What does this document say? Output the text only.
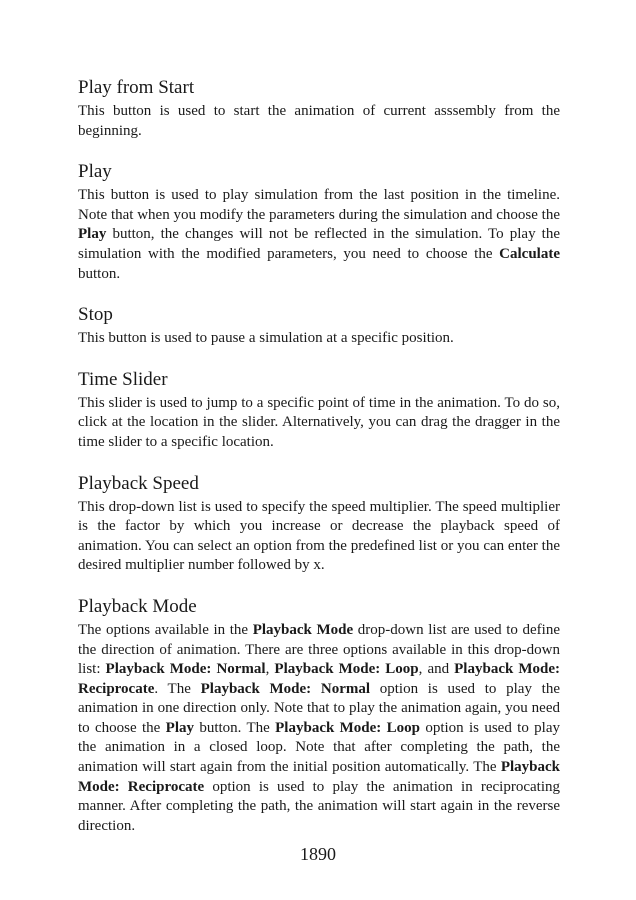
Play from Start

This button is used to start the animation of current asssembly from the beginning.

Play

This button is used to play simulation from the last position in the timeline. Note that when you modify the parameters during the simulation and choose the Play button, the changes will not be reflected in the simulation. To play the simulation with the modified parameters, you need to choose the Calculate button.

Stop

This button is used to pause a simulation at a specific position.

Time Slider

This slider is used to jump to a specific point of time in the animation. To do so, click at the location in the slider. Alternatively, you can drag the dragger in the time slider to a specific location.

Playback Speed

This drop-down list is used to specify the speed multiplier. The speed multiplier is the factor by which you increase or decrease the playback speed of animation. You can select an option from the predefined list or you can enter the desired multiplier number followed by x.

Playback Mode

The options available in the Playback Mode drop-down list are used to define the direction of animation. There are three options available in this drop-down list: Playback Mode: Normal, Playback Mode: Loop, and Playback Mode: Reciprocate. The Playback Mode: Normal option is used to play the animation in one direction only. Note that to play the animation again, you need to choose the Play button. The Playback Mode: Loop option is used to play the animation in a closed loop. Note that after completing the path, the animation will start again from the initial position automatically. The Playback Mode: Reciprocate option is used to play the animation in reciprocating manner. After completing the path, the animation will start again in the reverse direction.

1890
